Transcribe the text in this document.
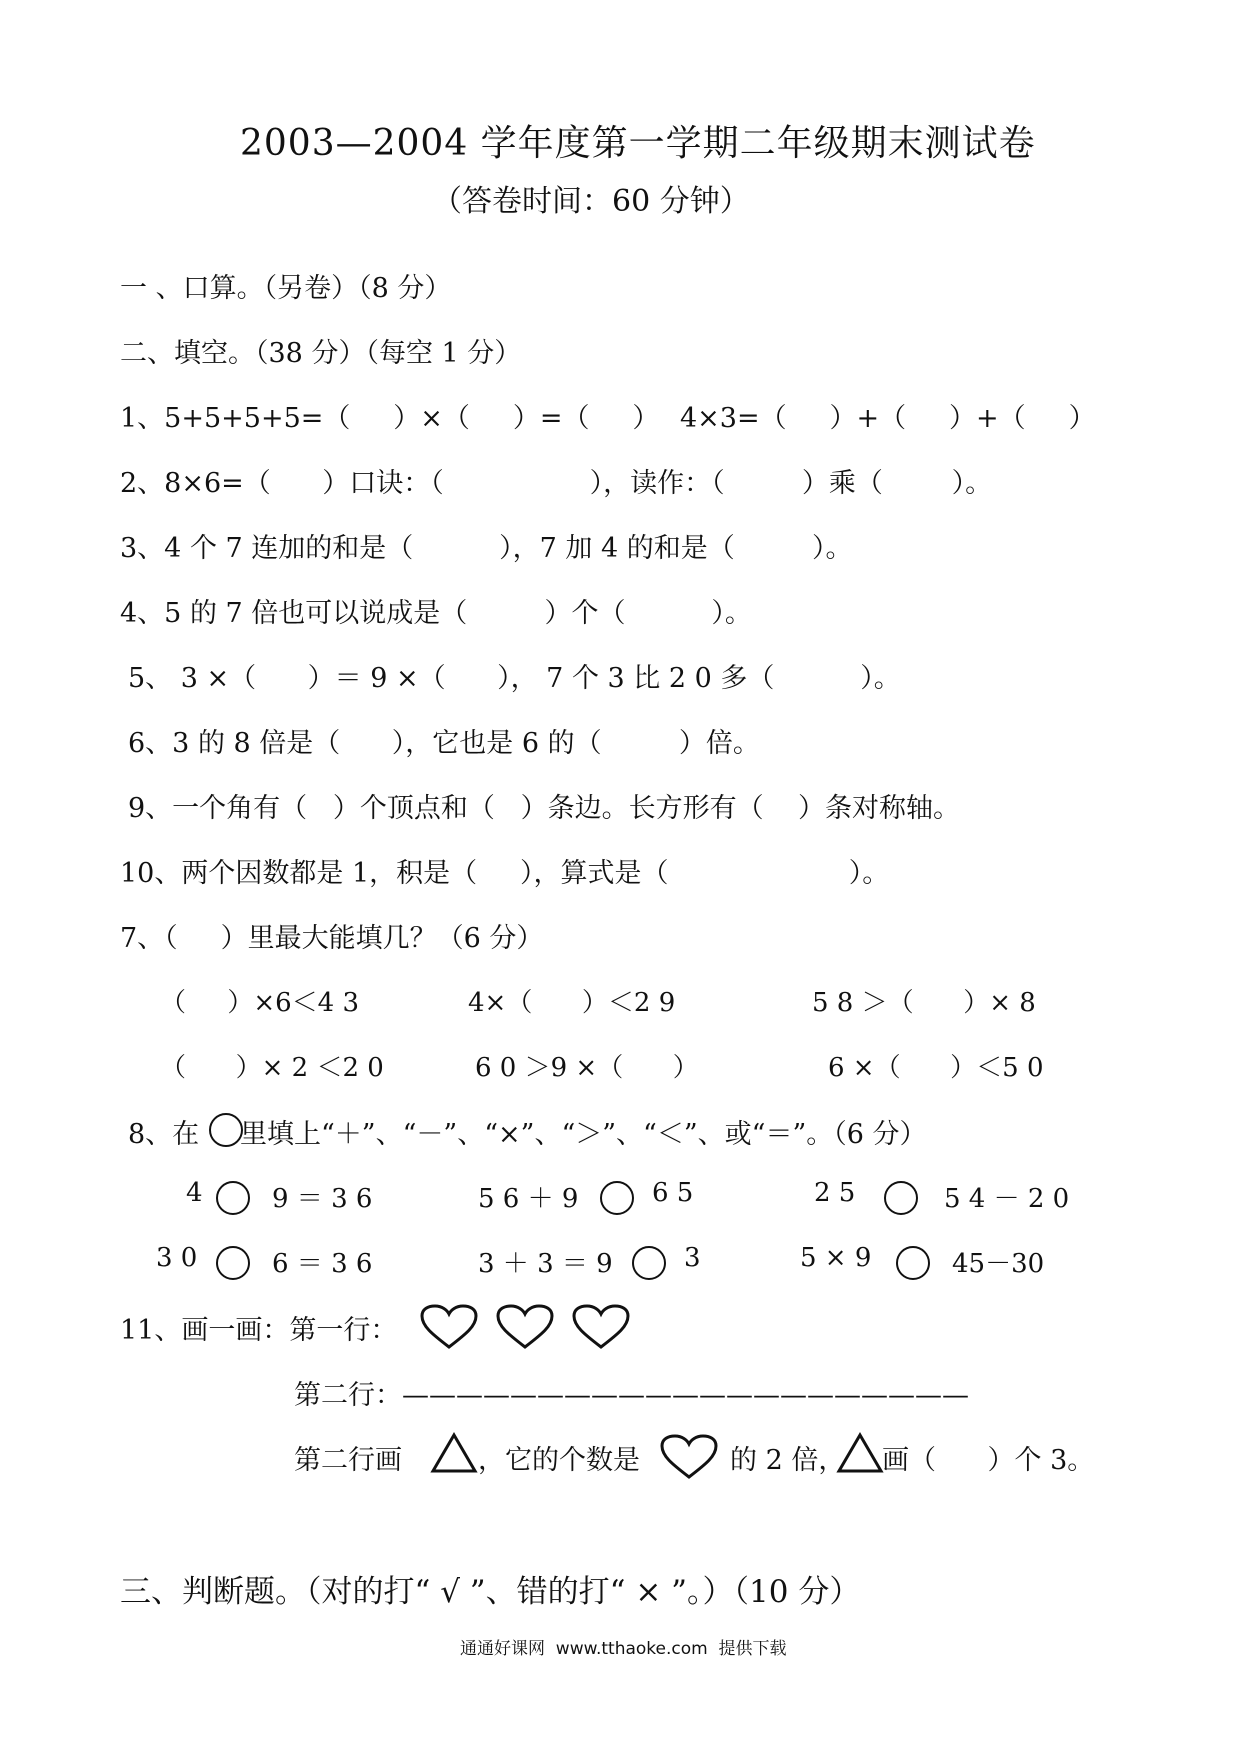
2003—2004 学年度第一学期二年级期末测试卷
（答卷时间：60 分钟）
一 、口算。（另卷）（8 分）
二、填空。（38 分）（每空 1 分）
1、5+5+5+5=（     ）×（     ）=（     ） 4×3=（     ）+（     ）+（     ）
2、8×6=（      ）口诀：（                 ），读作：（         ）乘（        ）。
3、4 个 7 连加的和是（          ），7 加 4 的和是（         ）。
4、5 的 7 倍也可以说成是（         ）个（          ）。
5、 3 ×（      ）＝ 9 ×（      ）， 7 个 3 比 2 0 多（          ）。
6、3 的 8 倍是（      ），它也是 6 的（         ）倍。
9、一个角有（   ）个顶点和（   ）条边。长方形有（    ）条对称轴。
10、两个因数都是 1，积是（     ），算式是（                     ）。
7、（     ）里最大能填几？（6 分）
（     ）×6＜4 3	4×（      ）＜2 9	5 8 ＞（      ）× 8
（      ）× 2 ＜2 0	6 0 ＞9 ×（      ）	6 ×（      ）＜5 0
8、在 里填上“＋”、“－”、“×”、“＞”、“＜”、或“＝”。（6 分）
4	9 ＝ 3 6	5 6 ＋ 9	6 5	2 5	5 4 － 2 0
3 0	6 ＝ 3 6	3 ＋ 3 ＝ 9	3	5 × 9	45－30
11、画一画：第一行：
第二行：—————————————————————
第二行画	，它的个数是	的 2 倍， 画（      ）个 3。
三、判断题。（对的打“ √ ”、错的打“ × ”。）（10 分）
通通好课网  www.tthaoke.com  提供下载
